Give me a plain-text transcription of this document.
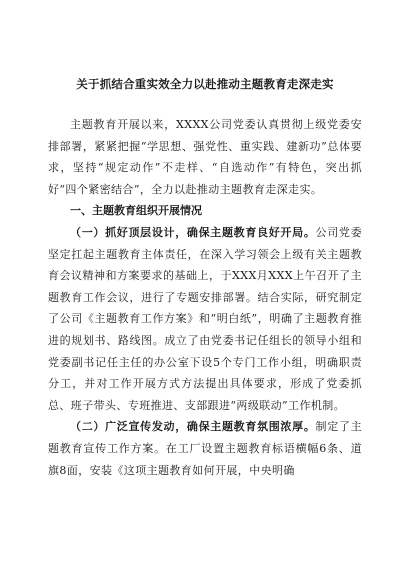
关于抓结合重实效全力以赴推动主题教育走深走实

主题教育开展以来，XXXX公司党委认真贯彻上级党委安排部署，紧紧把握“学思想、强党性、重实践、建新功”总体要求，坚持“规定动作”不走样、“自选动作”有特色，突出抓好“四个紧密结合”，全力以赴推动主题教育走深走实。

一、主题教育组织开展情况

（一）抓好顶层设计，确保主题教育良好开局。公司党委坚定扛起主题教育主体责任，在深入学习领会上级有关主题教育会议精神和方案要求的基础上，于XXX月XXX上午召开了主题教育工作会议，进行了专题安排部署。结合实际，研究制定了公司《主题教育工作方案》和“明白纸”，明确了主题教育推进的规划书、路线图。成立了由党委书记任组长的领导小组和党委副书记任主任的办公室下设5个专门工作小组，明确职责分工，并对工作开展方式方法提出具体要求，形成了党委抓总、班子带头、专班推进、支部跟进“两级联动”工作机制。

（二）广泛宣传发动，确保主题教育氛围浓厚。制定了主题教育宣传工作方案。在工厂设置主题教育标语横幅6条、道旗8面，安装《这项主题教育如何开展，中央明确
